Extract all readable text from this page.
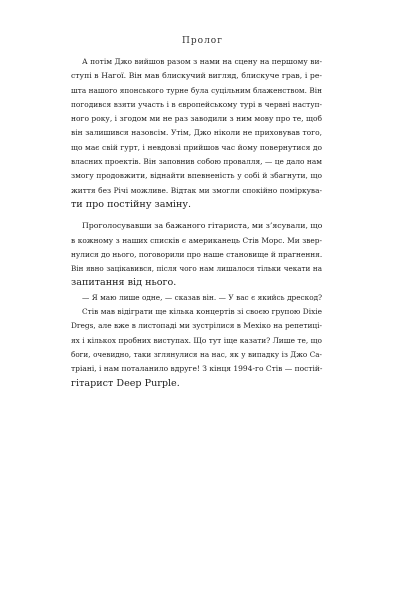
Пролог
А потім Джо вийшов разом з нами на сцену на першому ви-
ступі в Нагої. Він мав блискучий вигляд, блискуче грав, і ре-
шта нашого японського турне була суцільним блаженством. Він
погодився взяти участь і в європейському турі в червні наступ-
ного року, і згодом ми не раз заводили з ним мову про те, щоб
він залишився назовсім. Утім, Джо ніколи не приховував того,
що має свій гурт, і невдовзі прийшов час йому повернутися до
власних проектів. Він заповнив собою провалля, — це дало нам
змогу продовжити, віднайти впевненість у собі й збагнути, що
життя без Річі можливе. Відтак ми змогли спокійно поміркува-
ти про постійну заміну.
Проголосувавши за бажаного гітариста, ми з’ясували, що
в кожному з наших списків є американець Стів Морс. Ми звер-
нулися до нього, поговорили про наше становище й прагнення.
Він явно зацікавився, після чого нам лишалося тільки чекати на
запитання від нього.
— Я маю лише одне, — сказав він. — У вас є якийсь дрескод?
Стів мав відіграти ще кілька концертів зі своєю групою Dixie
Dregs, але вже в листопаді ми зустрілися в Мехіко на репетиці-
ях і кількох пробних виступах. Що тут іще казати? Лише те, що
боги, очевидно, таки зглянулися на нас, як у випадку із Джо Са-
тріані, і нам поталанило вдруге! З кінця 1994-го Стів — постій-
гітарист Deep Purple.
